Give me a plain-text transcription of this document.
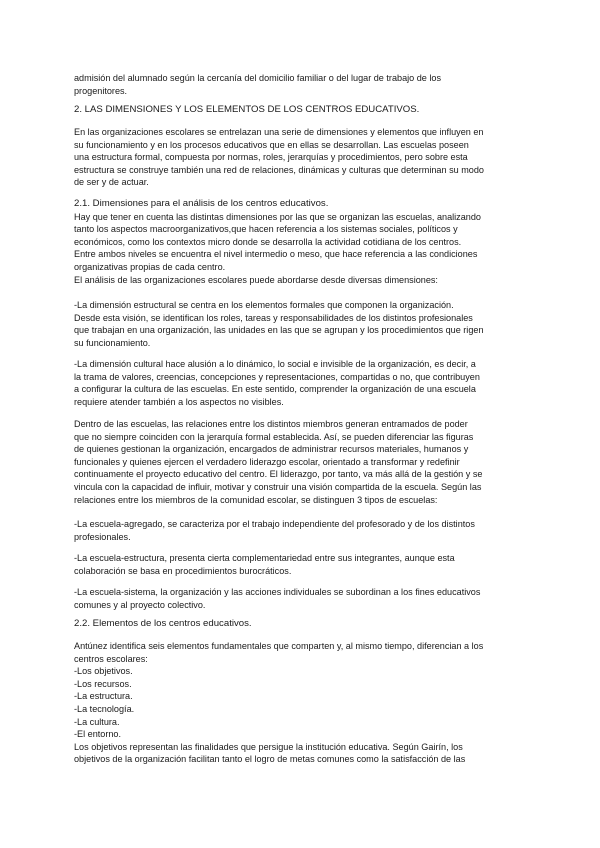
admisión del alumnado según la cercanía del domicilio familiar o del lugar de trabajo de los
progenitores.
2. LAS DIMENSIONES Y LOS ELEMENTOS DE LOS CENTROS EDUCATIVOS.
En las organizaciones escolares se entrelazan una serie de dimensiones y elementos que influyen en
su funcionamiento y en los procesos educativos que en ellas se desarrollan. Las escuelas poseen
una estructura formal, compuesta por normas, roles, jerarquías y procedimientos, pero sobre esta
estructura se construye también una red de relaciones, dinámicas y culturas que determinan su modo
de ser y de actuar.
2.1. Dimensiones para el análisis de los centros educativos.
Hay que tener en cuenta las distintas dimensiones por las que se organizan las escuelas, analizando
tanto los aspectos macroorganizativos,que hacen referencia a los sistemas sociales, políticos y
económicos, como los contextos micro donde se desarrolla la actividad cotidiana de los centros.
Entre ambos niveles se encuentra el nivel intermedio o meso, que hace referencia a las condiciones
organizativas propias de cada centro.
El análisis de las organizaciones escolares puede abordarse desde diversas dimensiones:
-La dimensión estructural se centra en los elementos formales que componen la organización.
Desde esta visión, se identifican los roles, tareas y responsabilidades de los distintos profesionales
que trabajan en una organización, las unidades en las que se agrupan y los procedimientos que rigen
su funcionamiento.
-La dimensión cultural hace alusión a lo dinámico, lo social e invisible de la organización, es decir, a
la trama de valores, creencias, concepciones y representaciones, compartidas o no, que contribuyen
a configurar la cultura de las escuelas. En este sentido, comprender la organización de una escuela
requiere atender también a los aspectos no visibles.
Dentro de las escuelas, las relaciones entre los distintos miembros generan entramados de poder
que no siempre coinciden con la jerarquía formal establecida. Así, se pueden diferenciar las figuras
de quienes gestionan la organización, encargados de administrar recursos materiales, humanos y
funcionales y quienes ejercen el verdadero liderazgo escolar, orientado a transformar y redefinir
continuamente el proyecto educativo del centro. El liderazgo, por tanto, va más allá de la gestión y se
vincula con la capacidad de influir, motivar y construir una visión compartida de la escuela. Según las
relaciones entre los miembros de la comunidad escolar, se distinguen 3 tipos de escuelas:
-La escuela-agregado, se caracteriza por el trabajo independiente del profesorado y de los distintos
profesionales.
-La escuela-estructura, presenta cierta complementariedad entre sus integrantes, aunque esta
colaboración se basa en procedimientos burocráticos.
-La escuela-sistema, la organización y las acciones individuales se subordinan a los fines educativos
comunes y al proyecto colectivo.
2.2. Elementos de los centros educativos.
Antúnez identifica seis elementos fundamentales que comparten y, al mismo tiempo, diferencian a los
centros escolares:
-Los objetivos.
-Los recursos.
-La estructura.
-La tecnología.
-La cultura.
-El entorno.
Los objetivos representan las finalidades que persigue la institución educativa. Según Gairín, los
objetivos de la organización facilitan tanto el logro de metas comunes como la satisfacción de las
